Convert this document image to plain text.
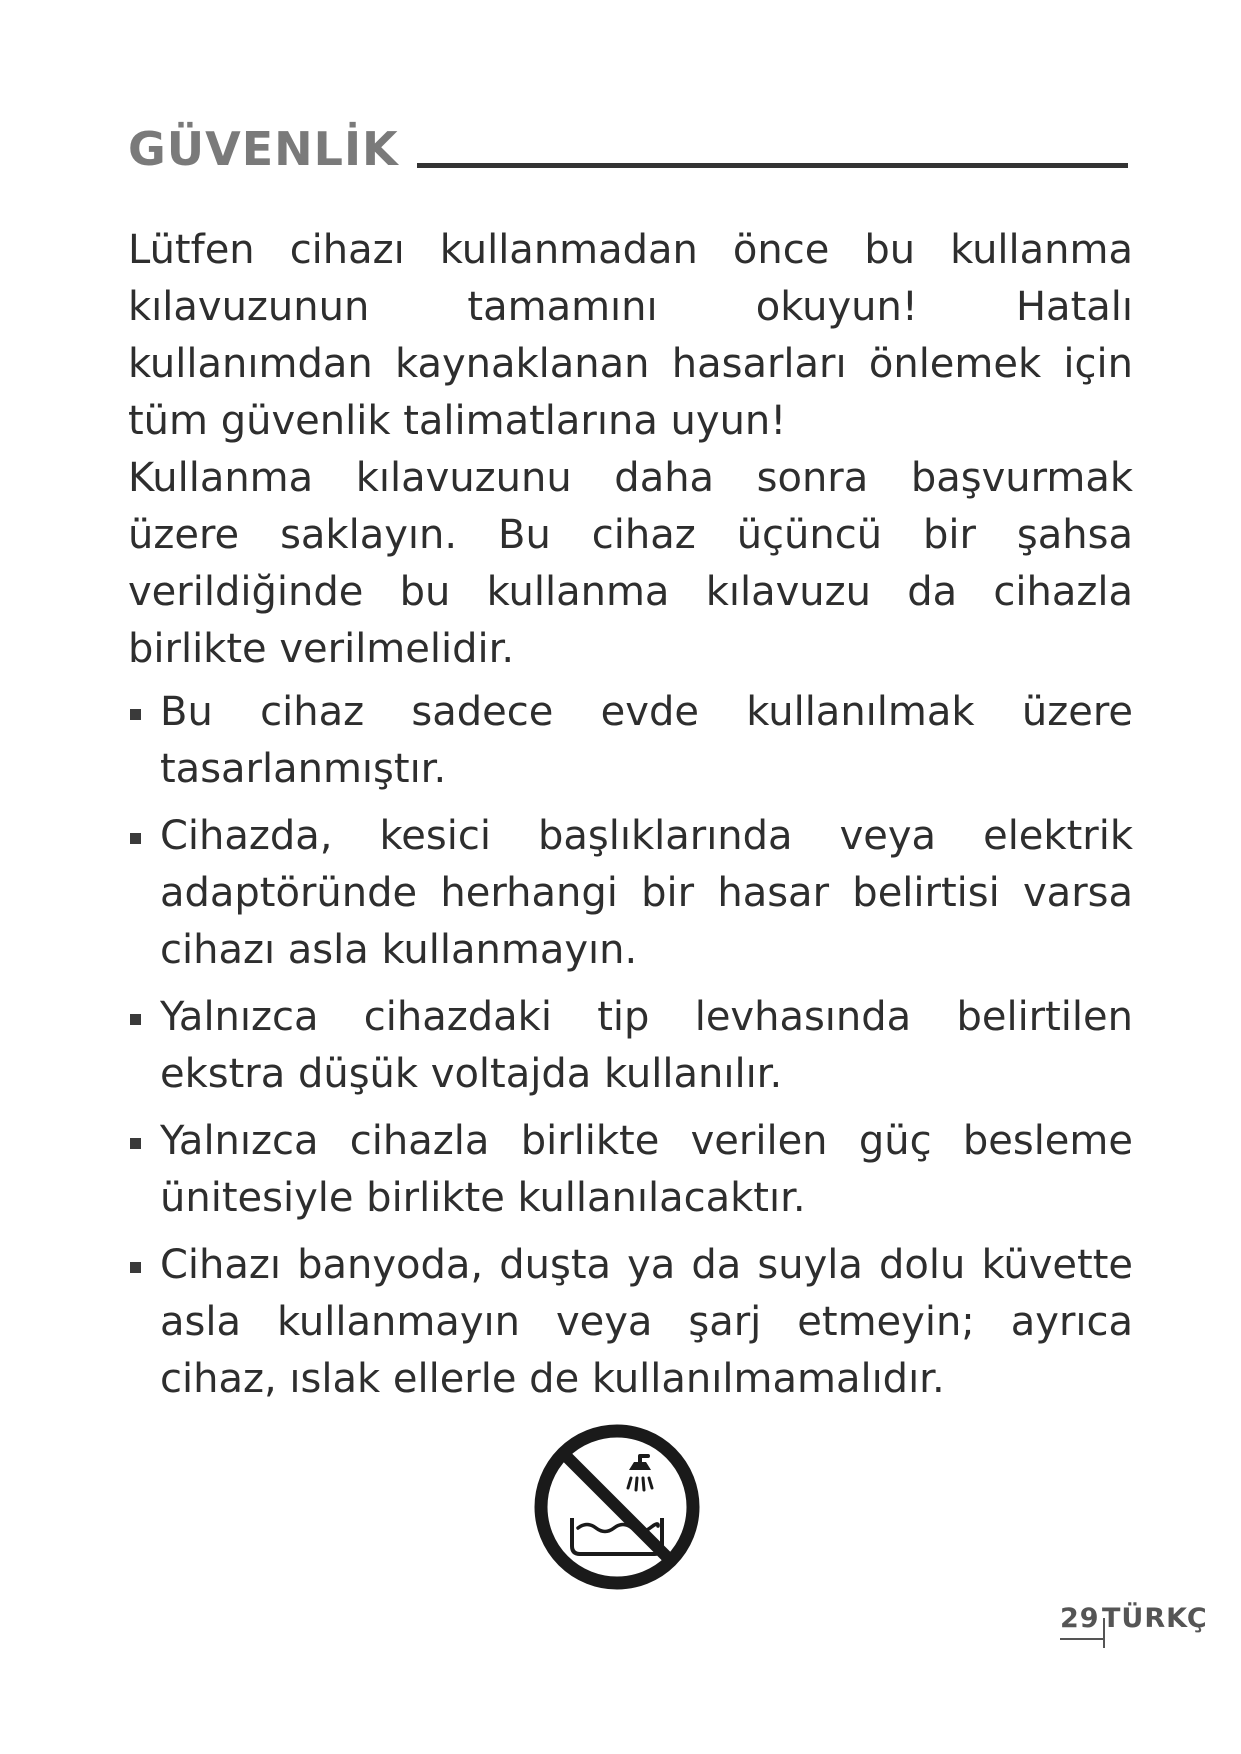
GÜVENLİK

Lütfen cihazı kullanmadan önce bu kullanma kılavuzunun tamamını okuyun! Hatalı kullanımdan kaynaklanan hasarları önlemek için tüm güvenlik talimatlarına uyun!

Kullanma kılavuzunu daha sonra başvurmak üzere saklayın. Bu cihaz üçüncü bir şahsa verildiğinde bu kullanma kılavuzu da cihazla birlikte verilmelidir.

Bu cihaz sadece evde kullanılmak üzere tasarlanmıştır.
Cihazda, kesici başlıklarında veya elektrik adaptöründe herhangi bir hasar belirtisi varsa cihazı asla kullanmayın.
Yalnızca cihazdaki tip levhasında belirtilen ekstra düşük voltajda kullanılır.
Yalnızca cihazla birlikte verilen güç besleme ünitesiyle birlikte kullanılacaktır.
Cihazı banyoda, duşta ya da suyla dolu küvette asla kullanmayın veya şarj etmeyin; ayrıca cihaz, ıslak ellerle de kullanılmamalıdır.
29 TÜRKÇ
